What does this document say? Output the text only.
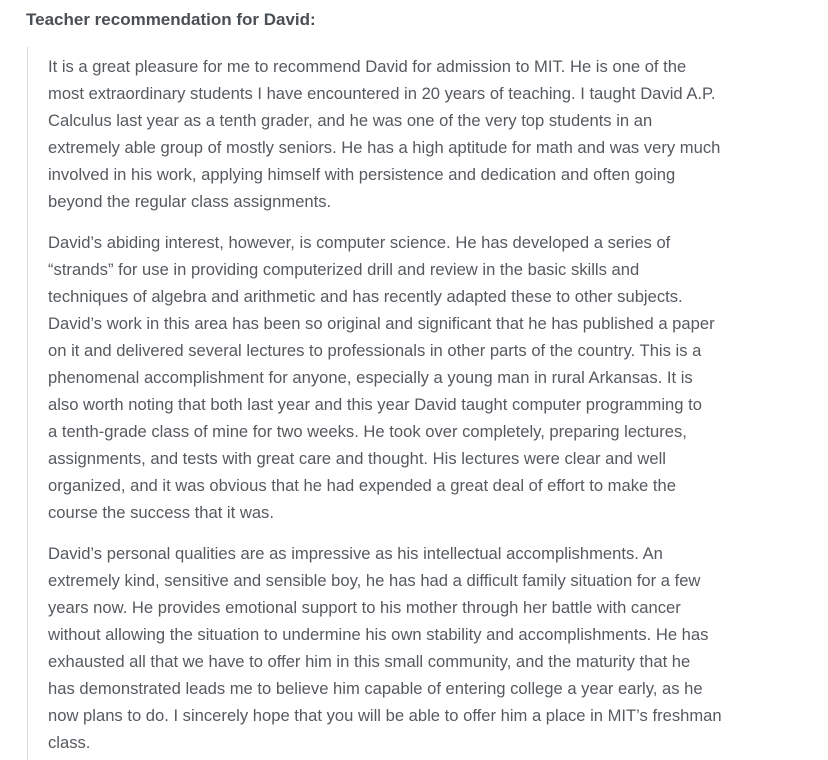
Teacher recommendation for David:

It is a great pleasure for me to recommend David for admission to MIT. He is one of the
most extraordinary students I have encountered in 20 years of teaching. I taught David A.P.
Calculus last year as a tenth grader, and he was one of the very top students in an
extremely able group of mostly seniors. He has a high aptitude for math and was very much
involved in his work, applying himself with persistence and dedication and often going
beyond the regular class assignments.

David’s abiding interest, however, is computer science. He has developed a series of
“strands” for use in providing computerized drill and review in the basic skills and
techniques of algebra and arithmetic and has recently adapted these to other subjects.
David’s work in this area has been so original and significant that he has published a paper
on it and delivered several lectures to professionals in other parts of the country. This is a
phenomenal accomplishment for anyone, especially a young man in rural Arkansas. It is
also worth noting that both last year and this year David taught computer programming to
a tenth-grade class of mine for two weeks. He took over completely, preparing lectures,
assignments, and tests with great care and thought. His lectures were clear and well
organized, and it was obvious that he had expended a great deal of effort to make the
course the success that it was.

David’s personal qualities are as impressive as his intellectual accomplishments. An
extremely kind, sensitive and sensible boy, he has had a difficult family situation for a few
years now. He provides emotional support to his mother through her battle with cancer
without allowing the situation to undermine his own stability and accomplishments. He has
exhausted all that we have to offer him in this small community, and the maturity that he
has demonstrated leads me to believe him capable of entering college a year early, as he
now plans to do. I sincerely hope that you will be able to offer him a place in MIT’s freshman
class.
